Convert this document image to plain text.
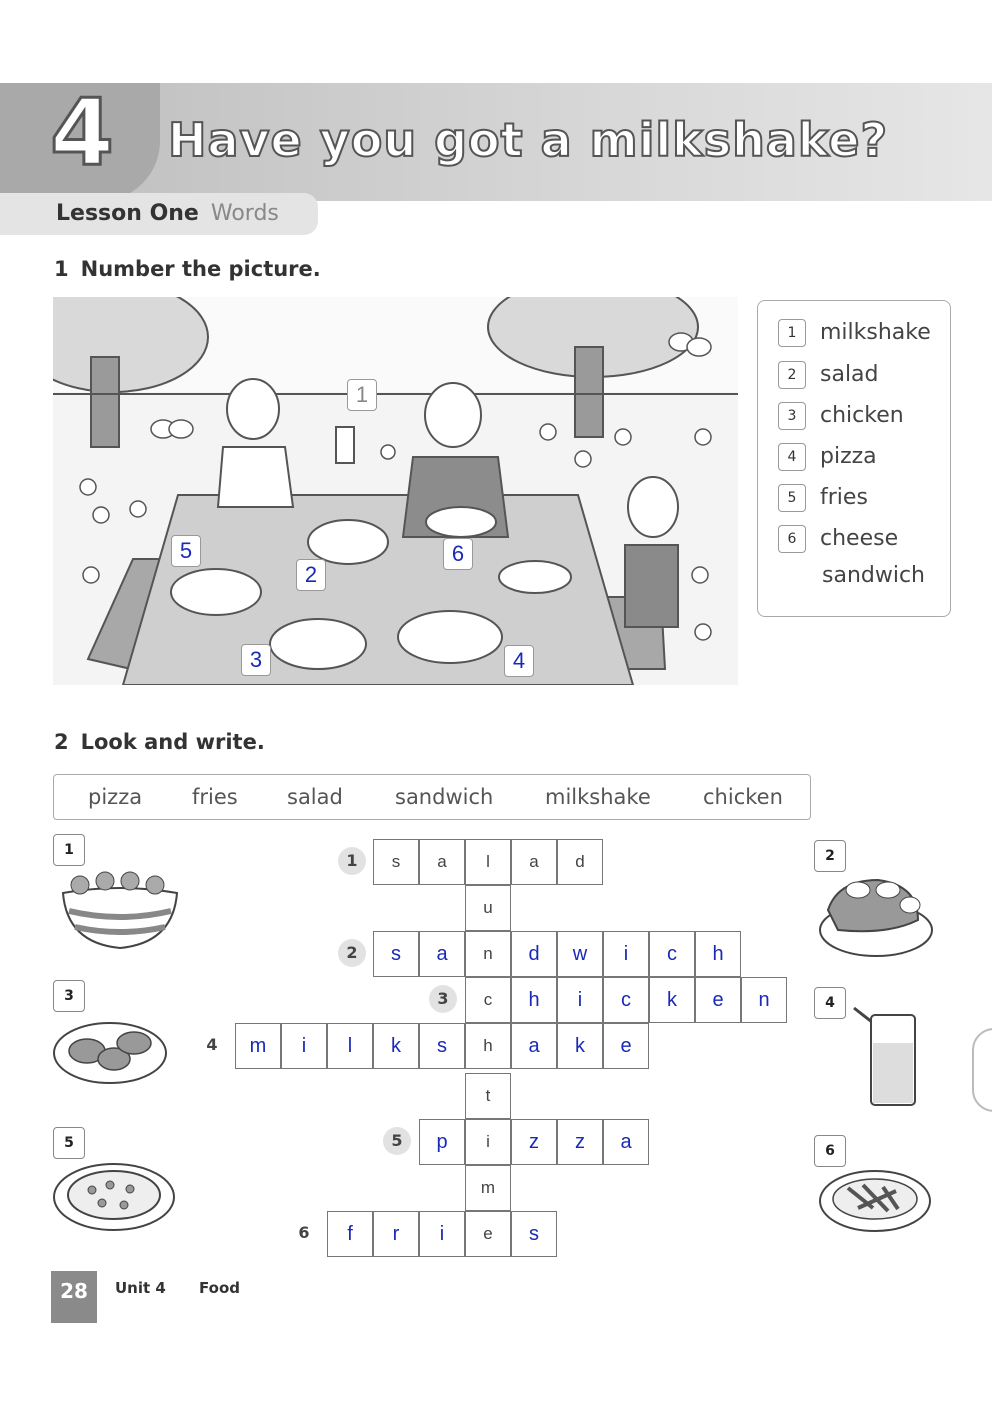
4 Have you got a milkshake?
Lesson One Words
1 Number the picture.
1
2
3	4
5	6
1 milkshake
2 salad
3 chicken
4 pizza
5 fries
6 cheese
sandwich
2 Look and write.
pizza fries salad sandwich milkshake chicken
1	s	a	l	a	d
u
2	s	a	n	d	w	i	c	h
3	c	h	i	c	k	e	n
4	m	i	l	k	s	h	a	k	e
t
5	p	i	z	z	a
m
6	f	r	i	e	s
1	2
3	4
5	6
28	Unit 4 Food
